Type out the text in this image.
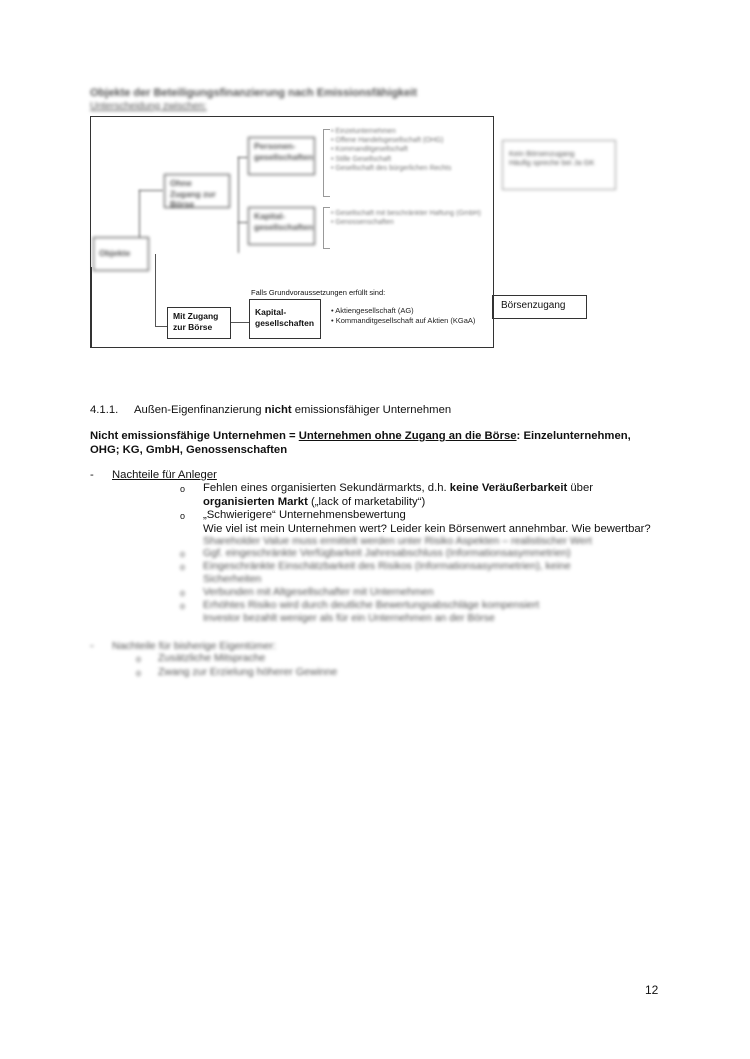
Objekte der Beteiligungsfinanzierung nach Emissionsfähigkeit
Unterscheidung zwischen:
Objekte
Ohne Zugang zur Börse
Personen-gesellschaften
• Einzelunternehmen
• Offene Handelsgesellschaft (OHG)
• Kommanditgesellschaft
• Stille Gesellschaft
• Gesellschaft des bürgerlichen Rechts
Kapital-gesellschaften
• Gesellschaft mit beschränkter Haftung (GmbH)
• Genossenschaften
Falls Grundvoraussetzungen erfüllt sind:
Mit Zugang zur Börse
Kapital-gesellschaften
• Aktiengesellschaft (AG)
• Kommanditgesellschaft auf Aktien (KGaA)
Kein Börsenzugang
Häufig spreche bei Ja GK
Börsenzugang
4.1.1. Außen-Eigenfinanzierung nicht emissionsfähiger Unternehmen
Nicht emissionsfähige Unternehmen = Unternehmen ohne Zugang an die Börse: Einzelunternehmen, OHG; KG, GmbH, Genossenschaften
- Nachteile für Anleger
o Fehlen eines organisierten Sekundärmarkts, d.h. keine Veräußerbarkeit über organisierten Markt („lack of marketability“)
o „Schwierigere“ Unternehmensbewertung
Wie viel ist mein Unternehmen wert? Leider kein Börsenwert annehmbar. Wie bewertbar?
Shareholder Value muss ermittelt werden unter Risiko Aspekten – realistischer Wert
o Ggf. eingeschränkte Verfügbarkeit Jahresabschluss (Informationsasymmetrien)
o Eingeschränkte Einschätzbarkeit des Risikos (Informationsasymmetrien), keine
Sicherheiten
o Verbunden mit Altgesellschafter mit Unternehmen
o Erhöhtes Risiko wird durch deutliche Bewertungsabschläge kompensiert
Investor bezahlt weniger als für ein Unternehmen an der Börse
- Nachteile für bisherige Eigentümer:
o Zusätzliche Mitsprache
o Zwang zur Erzielung höherer Gewinne
12
